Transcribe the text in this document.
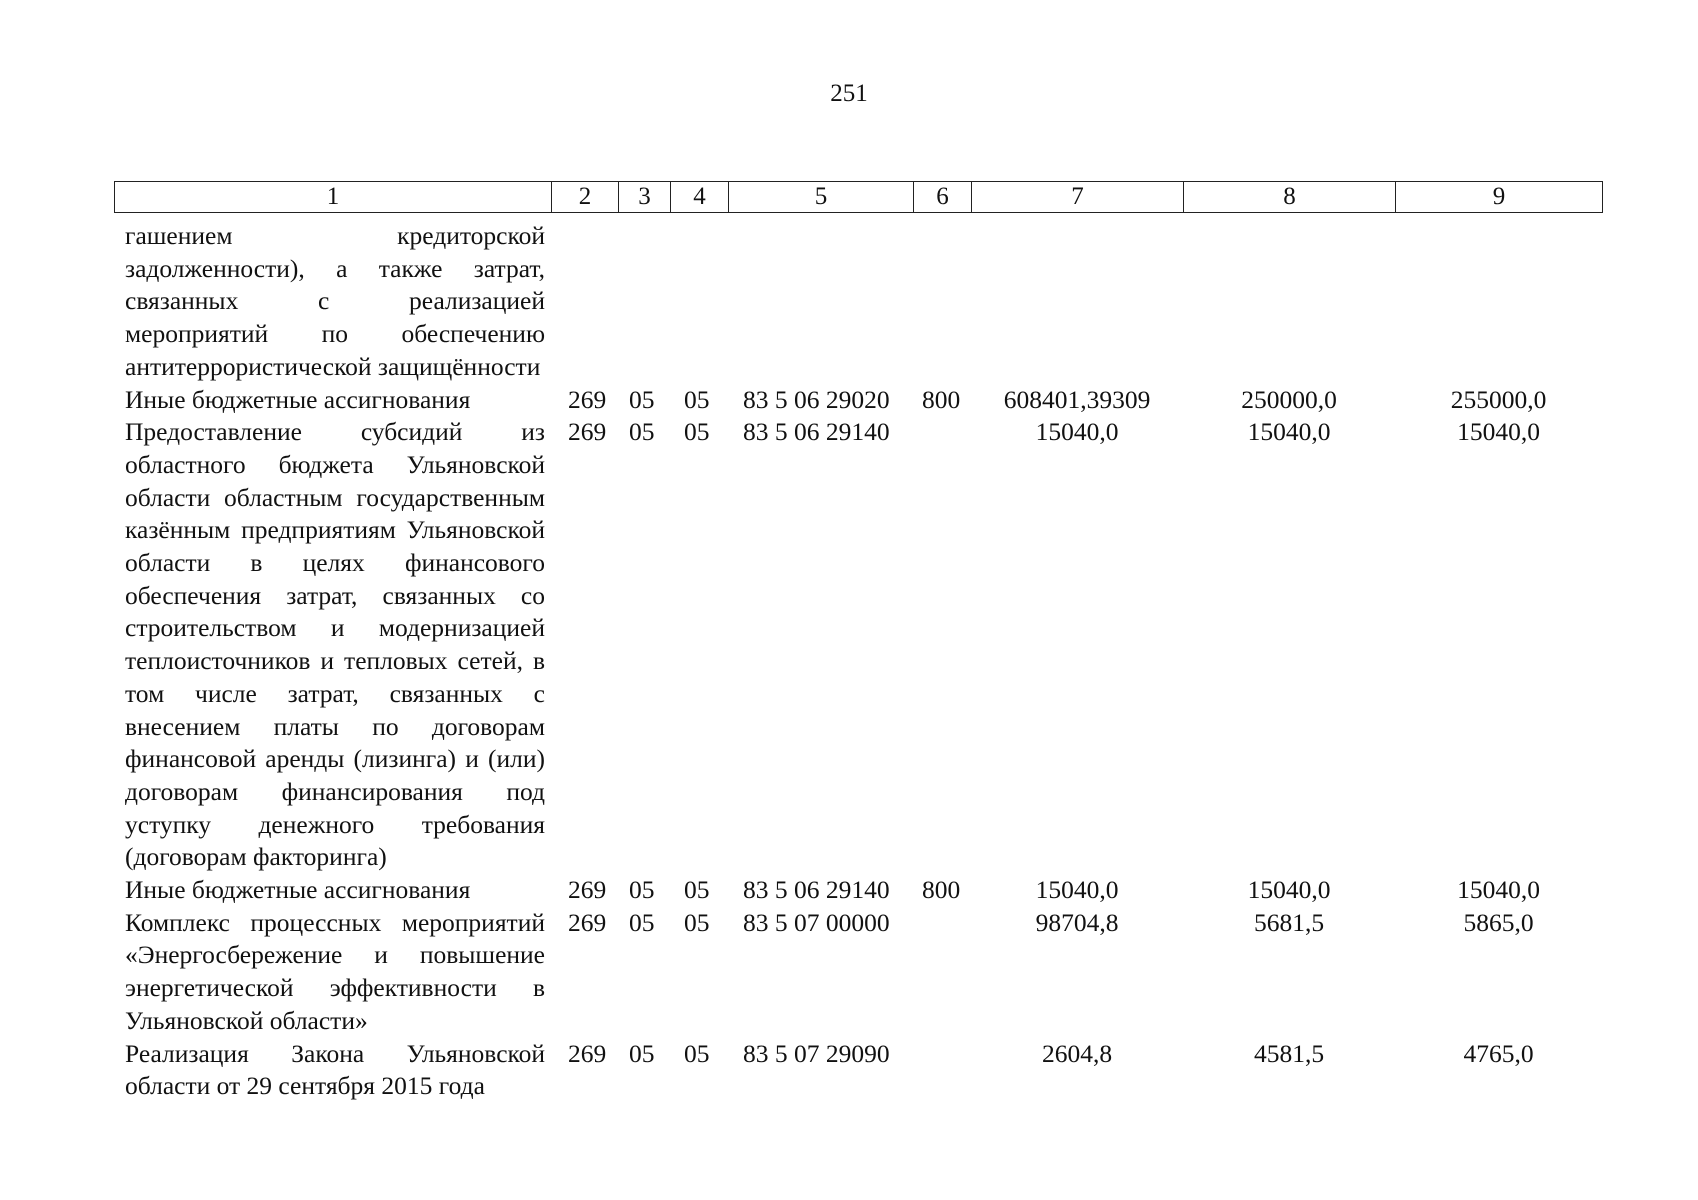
251
1	2	3	4	5	6	7	8	9
гашением кредиторской задолженности), а также затрат, связанных с реализацией мероприятий по обеспечению антитеррористической защищённости								
Иные бюджетные ассигнования	269	05	05	83 5 06 29020	800	608401,39309	250000,0	255000,0
Предоставление субсидий из областного бюджета Ульяновской области областным государственным казённым предприятиям Ульяновской области в целях финансового обеспечения затрат, связанных со строительством и модернизацией теплоисточников и тепловых сетей, в том числе затрат, связанных с внесением платы по договорам финансовой аренды (лизинга) и (или) договорам финансирования под уступку денежного требования (договорам факторинга)	269	05	05	83 5 06 29140		15040,0	15040,0	15040,0
Иные бюджетные ассигнования	269	05	05	83 5 06 29140	800	15040,0	15040,0	15040,0
Комплекс процессных мероприятий «Энергосбережение и повышение энергетической эффективности в Ульяновской области»	269	05	05	83 5 07 00000		98704,8	5681,5	5865,0
Реализация Закона Ульяновской области от 29 сентября 2015 года	269	05	05	83 5 07 29090		2604,8	4581,5	4765,0
